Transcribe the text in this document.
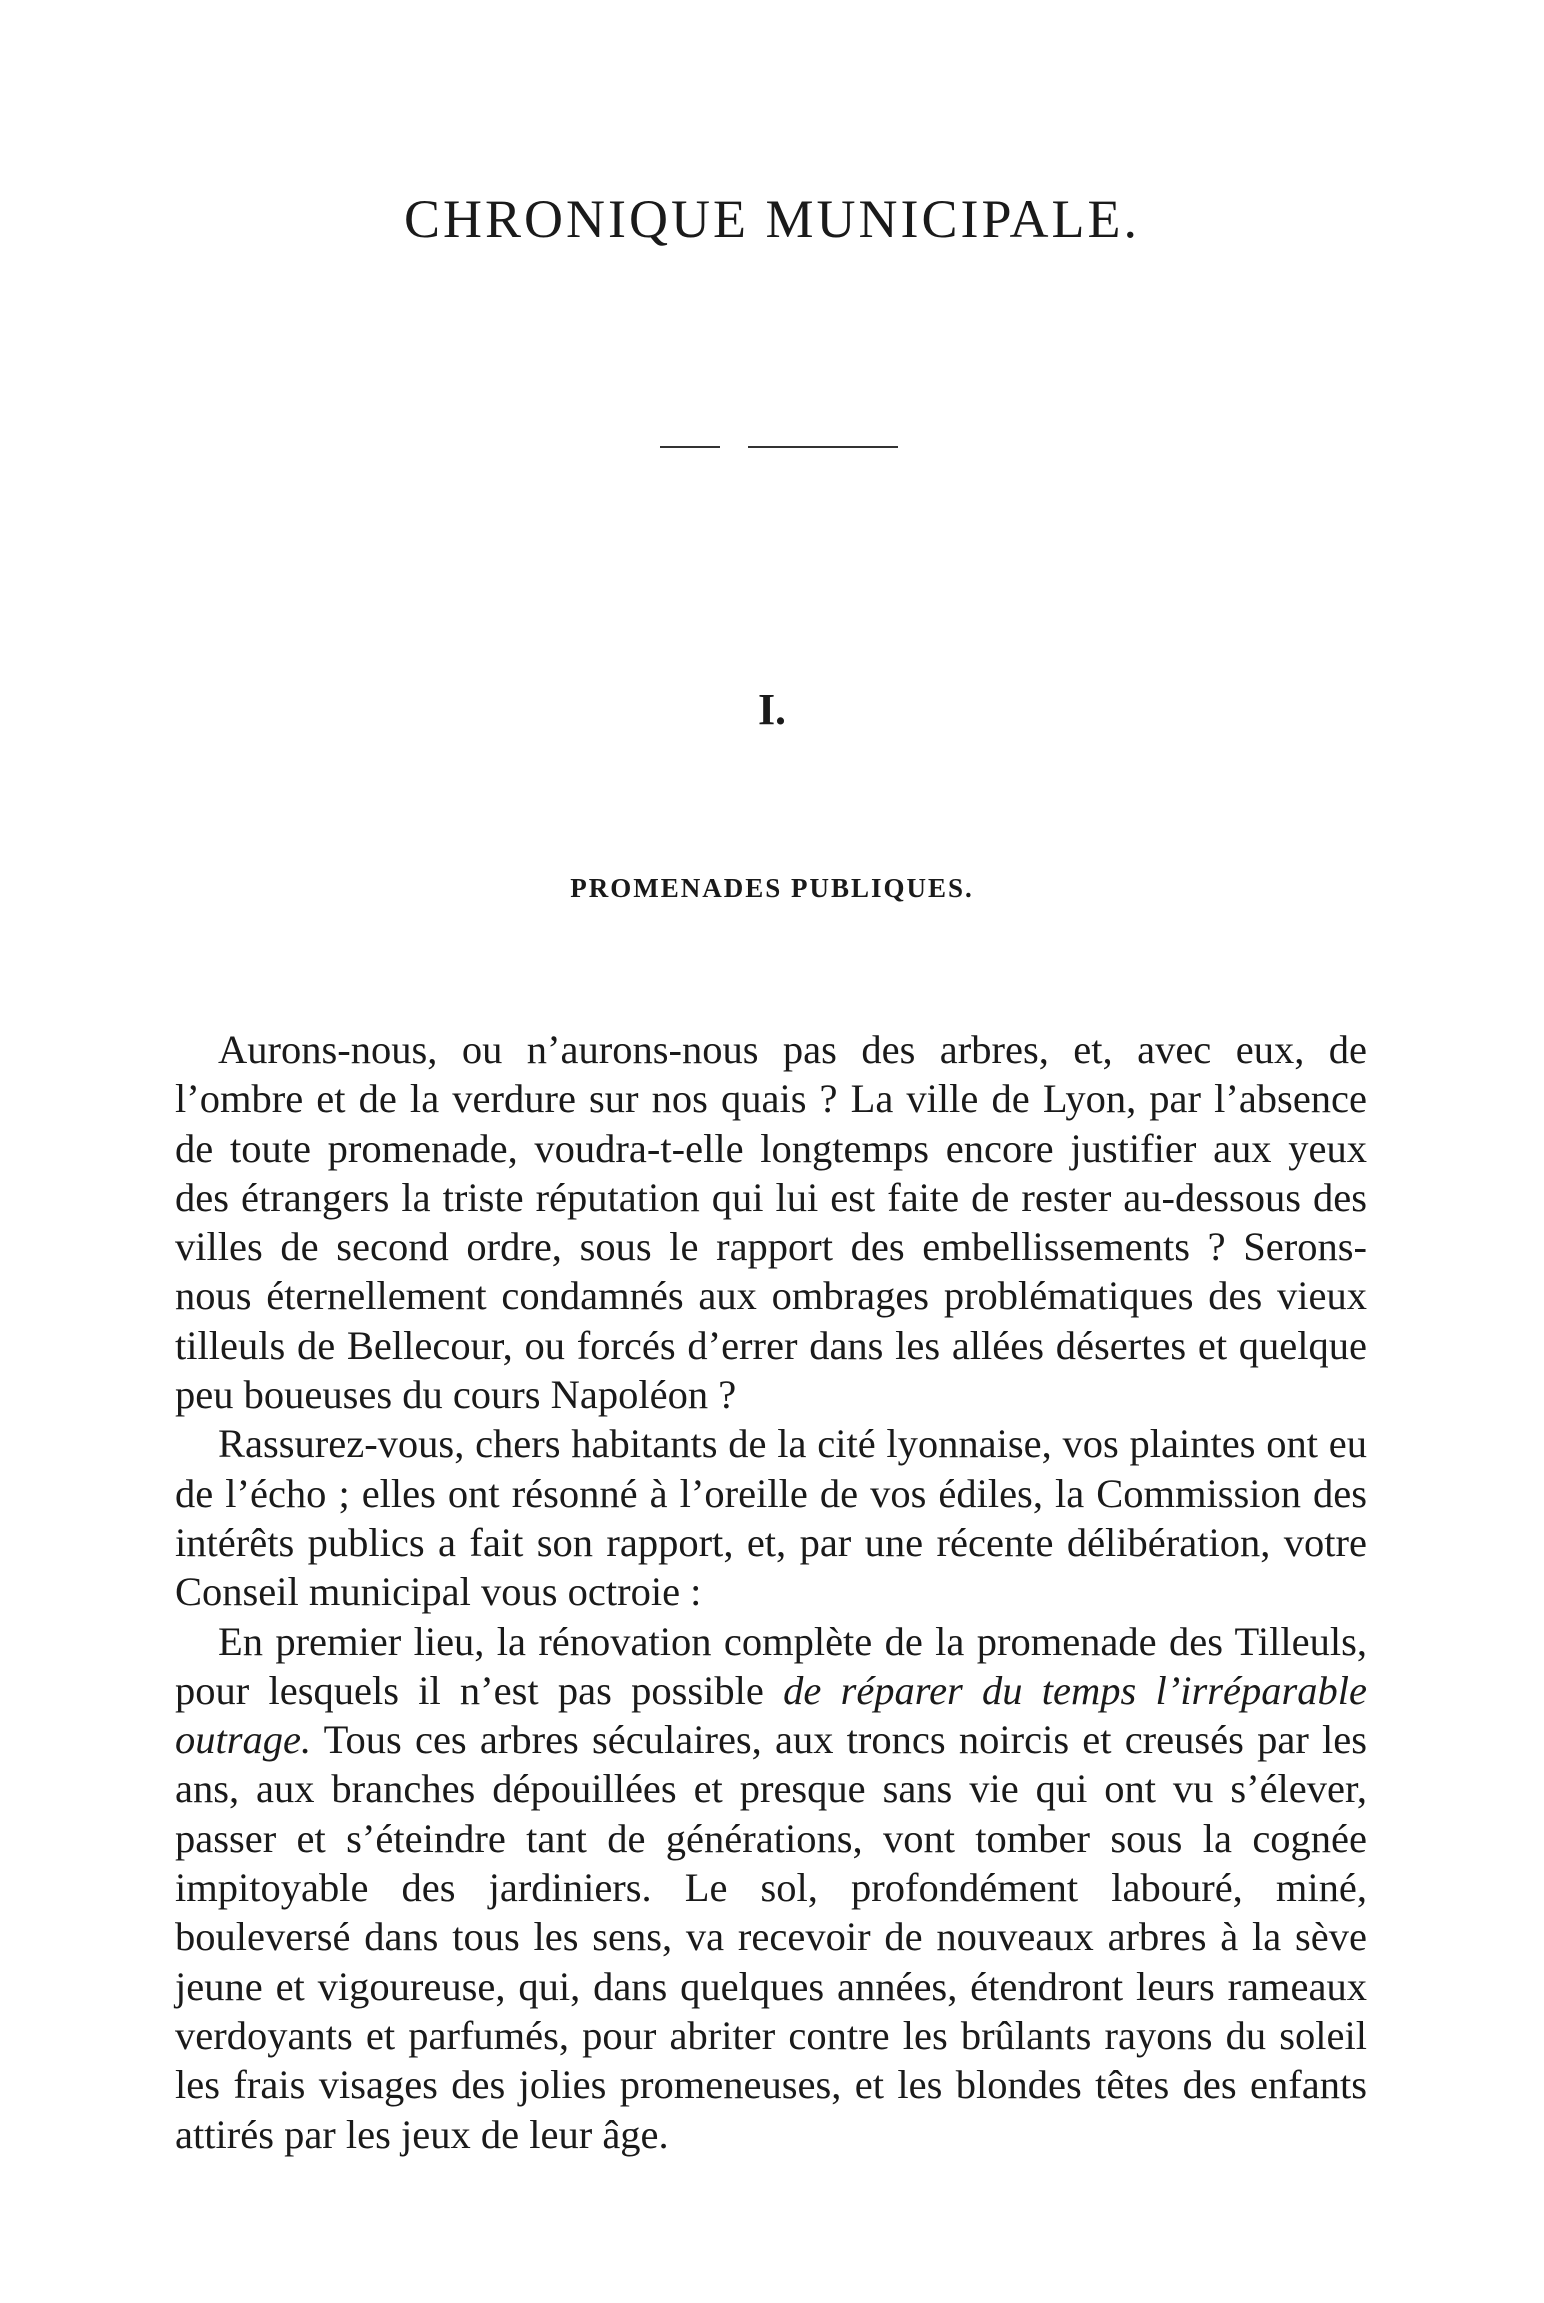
CHRONIQUE MUNICIPALE.
I.
PROMENADES PUBLIQUES.

Aurons-nous, ou n’aurons-nous pas des arbres, et, avec eux, de l’ombre et de la verdure sur nos quais ? La ville de Lyon, par l’absence de toute promenade, voudra-t-elle longtemps encore justifier aux yeux des étrangers la triste réputation qui lui est faite de rester au-dessous des villes de second ordre, sous le rapport des embellissements ? Serons-nous éternellement condamnés aux ombrages problématiques des vieux tilleuls de Bellecour, ou forcés d’errer dans les allées désertes et quelque peu boueuses du cours Napoléon ?

Rassurez-vous, chers habitants de la cité lyonnaise, vos plaintes ont eu de l’écho ; elles ont résonné à l’oreille de vos édiles, la Commission des intérêts publics a fait son rapport, et, par une récente délibération, votre Conseil municipal vous octroie :

En premier lieu, la rénovation complète de la promenade des Tilleuls, pour lesquels il n’est pas possible de réparer du temps l’irréparable outrage. Tous ces arbres séculaires, aux troncs noircis et creusés par les ans, aux branches dépouillées et presque sans vie qui ont vu s’élever, passer et s’éteindre tant de générations, vont tomber sous la cognée impitoyable des jardiniers. Le sol, profondément labouré, miné, bouleversé dans tous les sens, va recevoir de nouveaux arbres à la sève jeune et vigoureuse, qui, dans quelques années, étendront leurs rameaux verdoyants et parfumés, pour abriter contre les brûlants rayons du soleil les frais visages des jolies promeneuses, et les blondes têtes des enfants attirés par les jeux de leur âge.
